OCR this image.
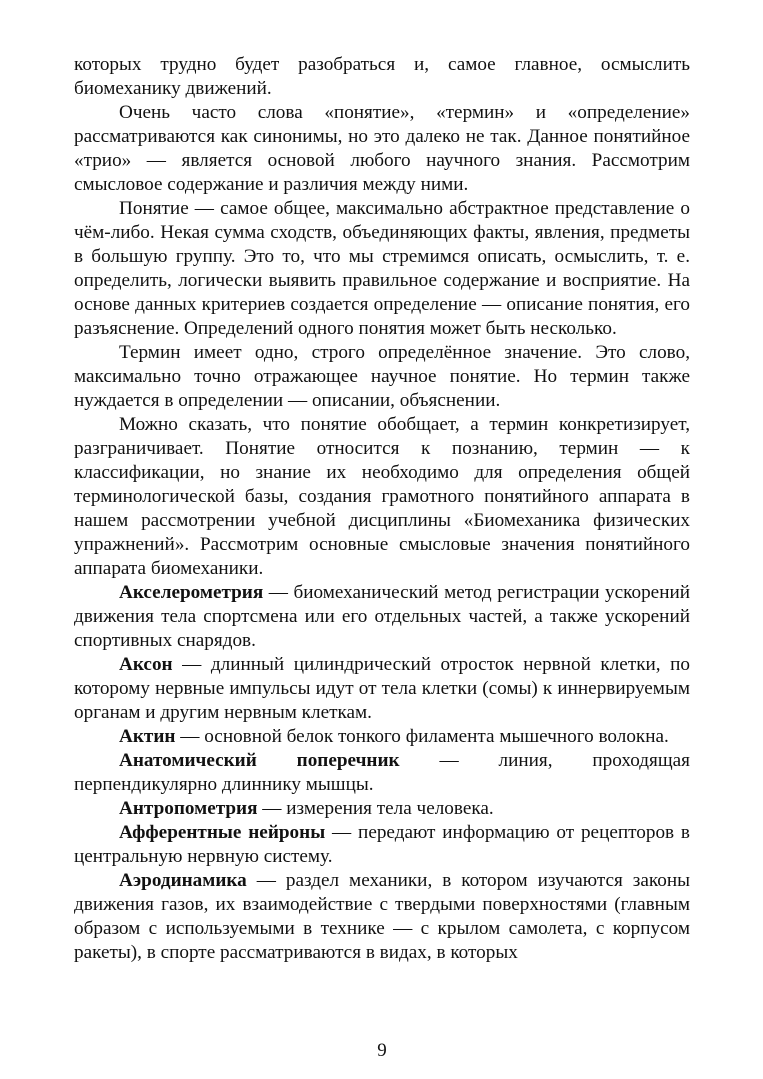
которых трудно будет разобраться и, самое главное, осмыслить биомеханику движений.

Очень часто слова «понятие», «термин» и «определение» рассматриваются как синонимы, но это далеко не так. Данное понятийное «трио» — является основой любого научного знания. Рассмотрим смысловое содержание и различия между ними.

Понятие — самое общее, максимально абстрактное представление о чём-либо. Некая сумма сходств, объединяющих факты, явления, предметы в большую группу. Это то, что мы стремимся описать, осмыслить, т. е. определить, логически выявить правильное содержание и восприятие. На основе данных критериев создается определение — описание понятия, его разъяснение. Определений одного понятия может быть несколько.

Термин имеет одно, строго определённое значение. Это слово, максимально точно отражающее научное понятие. Но термин также нуждается в определении — описании, объяснении.

Можно сказать, что понятие обобщает, а термин конкретизирует, разграничивает. Понятие относится к познанию, термин — к классификации, но знание их необходимо для определения общей терминологической базы, создания грамотного понятийного аппарата в нашем рассмотрении учебной дисциплины «Биомеханика физических упражнений». Рассмотрим основные смысловые значения понятийного аппарата биомеханики.

Акселерометрия — биомеханический метод регистрации ускорений движения тела спортсмена или его отдельных частей, а также ускорений спортивных снарядов.

Аксон — длинный цилиндрический отросток нервной клетки, по которому нервные импульсы идут от тела клетки (сомы) к иннервируемым органам и другим нервным клеткам.

Актин — основной белок тонкого филамента мышечного волокна.

Анатомический поперечник — линия, проходящая перпендикулярно длиннику мышцы.

Антропометрия — измерения тела человека.

Афферентные нейроны — передают информацию от рецепторов в центральную нервную систему.

Аэродинамика — раздел механики, в котором изучаются законы движения газов, их взаимодействие с твердыми поверхностями (главным образом с используемыми в технике — с крылом самолета, с корпусом ракеты), в спорте рассматриваются в видах, в которых

9
